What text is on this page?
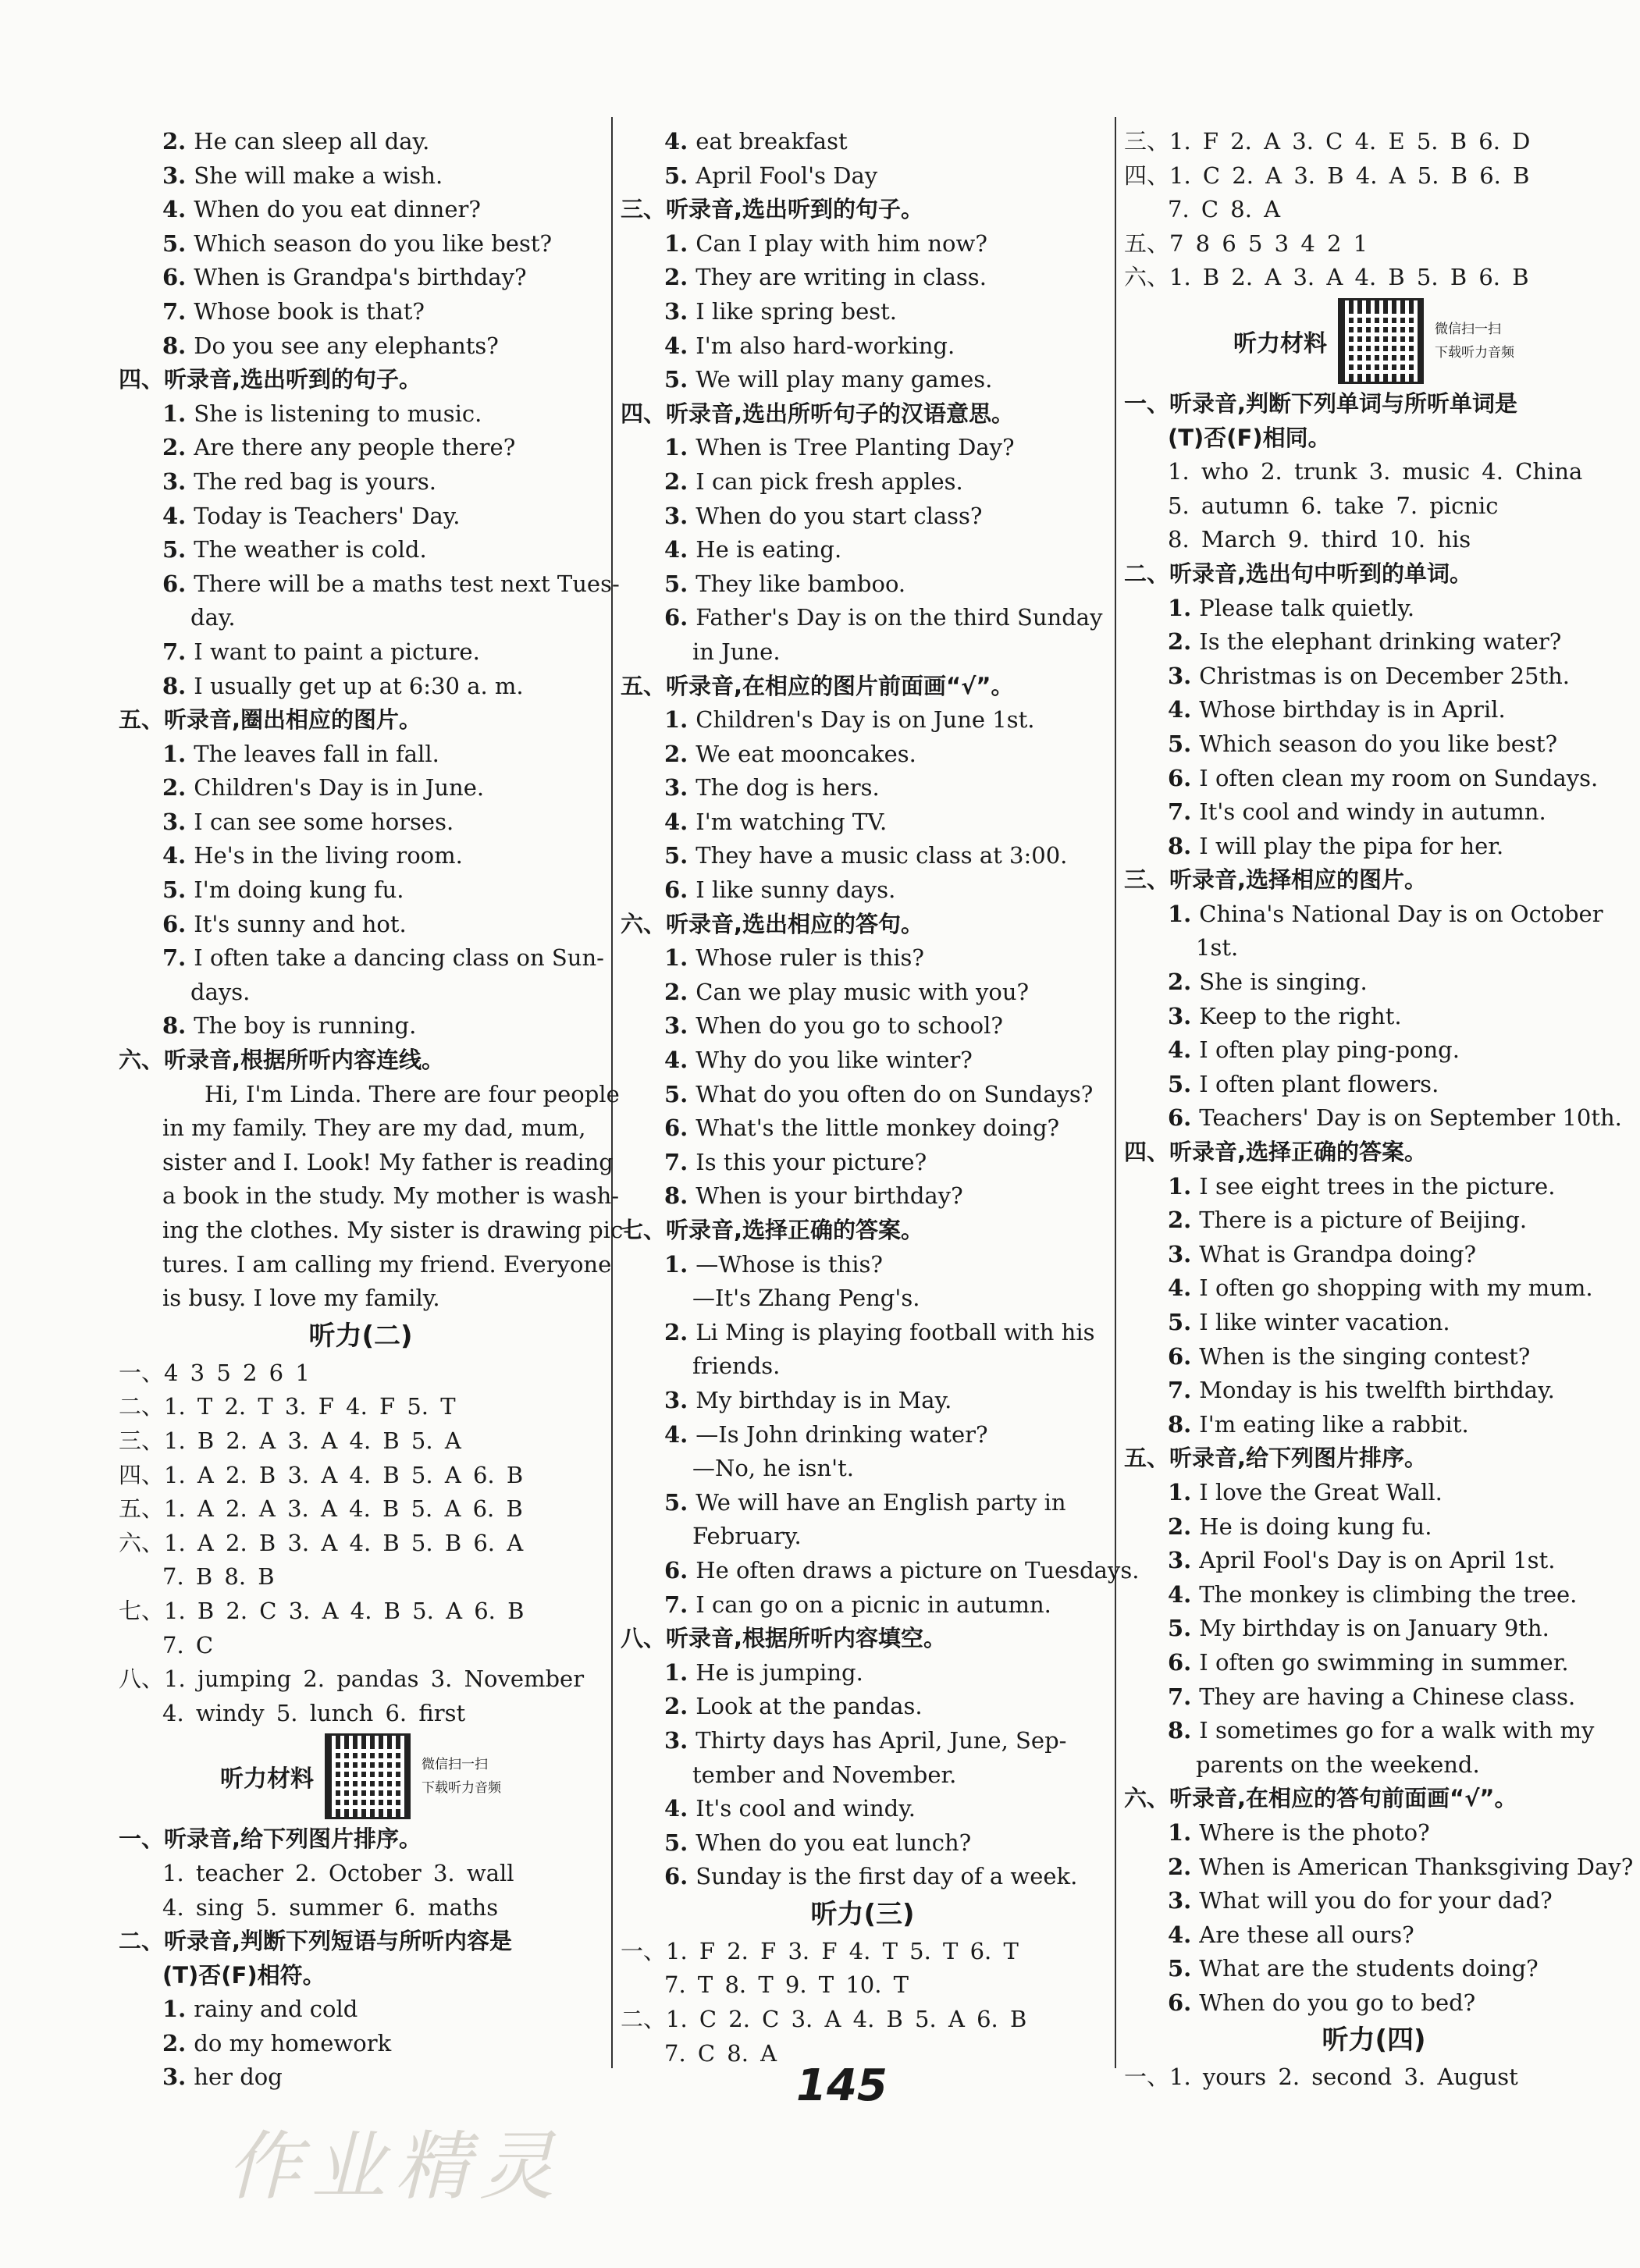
2. He can sleep all day.
3. She will make a wish.
4. When do you eat dinner?
5. Which season do you like best?
6. When is Grandpa's birthday?
7. Whose book is that?
8. Do you see any elephants?
四、听录音,选出听到的句子。
1. She is listening to music.
2. Are there any people there?
3. The red bag is yours.
4. Today is Teachers' Day.
5. The weather is cold.
6. There will be a maths test next Tues-
day.
7. I want to paint a picture.
8. I usually get up at 6:30 a. m.
五、听录音,圈出相应的图片。
1. The leaves fall in fall.
2. Children's Day is in June.
3. I can see some horses.
4. He's in the living room.
5. I'm doing kung fu.
6. It's sunny and hot.
7. I often take a dancing class on Sun-
days.
8. The boy is running.
六、听录音,根据所听内容连线。
Hi, I'm Linda. There are four people
in my family. They are my dad, mum,
sister and I. Look! My father is reading
a book in the study. My mother is wash-
ing the clothes. My sister is drawing pic-
tures. I am calling my friend. Everyone
is busy. I love my family.
听力(二)
一、4 3 5 2 6 1
二、1. T 2. T 3. F 4. F 5. T
三、1. B 2. A 3. A 4. B 5. A
四、1. A 2. B 3. A 4. B 5. A 6. B
五、1. A 2. A 3. A 4. B 5. A 6. B
六、1. A 2. B 3. A 4. B 5. B 6. A
7. B 8. B
七、1. B 2. C 3. A 4. B 5. A 6. B
7. C
八、1. jumping 2. pandas 3. November
4. windy 5. lunch 6. first
听力材料
微信扫一扫
下载听力音频
一、听录音,给下列图片排序。
1. teacher 2. October 3. wall
4. sing 5. summer 6. maths
二、听录音,判断下列短语与所听内容是
(T)否(F)相符。
1. rainy and cold
2. do my homework
3. her dog
4. eat breakfast
5. April Fool's Day
三、听录音,选出听到的句子。
1. Can I play with him now?
2. They are writing in class.
3. I like spring best.
4. I'm also hard-working.
5. We will play many games.
四、听录音,选出所听句子的汉语意思。
1. When is Tree Planting Day?
2. I can pick fresh apples.
3. When do you start class?
4. He is eating.
5. They like bamboo.
6. Father's Day is on the third Sunday
in June.
五、听录音,在相应的图片前面画“√”。
1. Children's Day is on June 1st.
2. We eat mooncakes.
3. The dog is hers.
4. I'm watching TV.
5. They have a music class at 3:00.
6. I like sunny days.
六、听录音,选出相应的答句。
1. Whose ruler is this?
2. Can we play music with you?
3. When do you go to school?
4. Why do you like winter?
5. What do you often do on Sundays?
6. What's the little monkey doing?
7. Is this your picture?
8. When is your birthday?
七、听录音,选择正确的答案。
1. —Whose is this?
—It's Zhang Peng's.
2. Li Ming is playing football with his
friends.
3. My birthday is in May.
4. —Is John drinking water?
—No, he isn't.
5. We will have an English party in
February.
6. He often draws a picture on Tuesdays.
7. I can go on a picnic in autumn.
八、听录音,根据所听内容填空。
1. He is jumping.
2. Look at the pandas.
3. Thirty days has April, June, Sep-
tember and November.
4. It's cool and windy.
5. When do you eat lunch?
6. Sunday is the first day of a week.
听力(三)
一、1. F 2. F 3. F 4. T 5. T 6. T
7. T 8. T 9. T 10. T
二、1. C 2. C 3. A 4. B 5. A 6. B
7. C 8. A
三、1. F 2. A 3. C 4. E 5. B 6. D
四、1. C 2. A 3. B 4. A 5. B 6. B
7. C 8. A
五、7 8 6 5 3 4 2 1
六、1. B 2. A 3. A 4. B 5. B 6. B
听力材料
微信扫一扫
下载听力音频
一、听录音,判断下列单词与所听单词是
(T)否(F)相同。
1. who 2. trunk 3. music 4. China
5. autumn 6. take 7. picnic
8. March 9. third 10. his
二、听录音,选出句中听到的单词。
1. Please talk quietly.
2. Is the elephant drinking water?
3. Christmas is on December 25th.
4. Whose birthday is in April.
5. Which season do you like best?
6. I often clean my room on Sundays.
7. It's cool and windy in autumn.
8. I will play the pipa for her.
三、听录音,选择相应的图片。
1. China's National Day is on October
1st.
2. She is singing.
3. Keep to the right.
4. I often play ping-pong.
5. I often plant flowers.
6. Teachers' Day is on September 10th.
四、听录音,选择正确的答案。
1. I see eight trees in the picture.
2. There is a picture of Beijing.
3. What is Grandpa doing?
4. I often go shopping with my mum.
5. I like winter vacation.
6. When is the singing contest?
7. Monday is his twelfth birthday.
8. I'm eating like a rabbit.
五、听录音,给下列图片排序。
1. I love the Great Wall.
2. He is doing kung fu.
3. April Fool's Day is on April 1st.
4. The monkey is climbing the tree.
5. My birthday is on January 9th.
6. I often go swimming in summer.
7. They are having a Chinese class.
8. I sometimes go for a walk with my
parents on the weekend.
六、听录音,在相应的答句前面画“√”。
1. Where is the photo?
2. When is American Thanksgiving Day?
3. What will you do for your dad?
4. Are these all ours?
5. What are the students doing?
6. When do you go to bed?
听力(四)
一、1. yours 2. second 3. August
145
作业精灵
